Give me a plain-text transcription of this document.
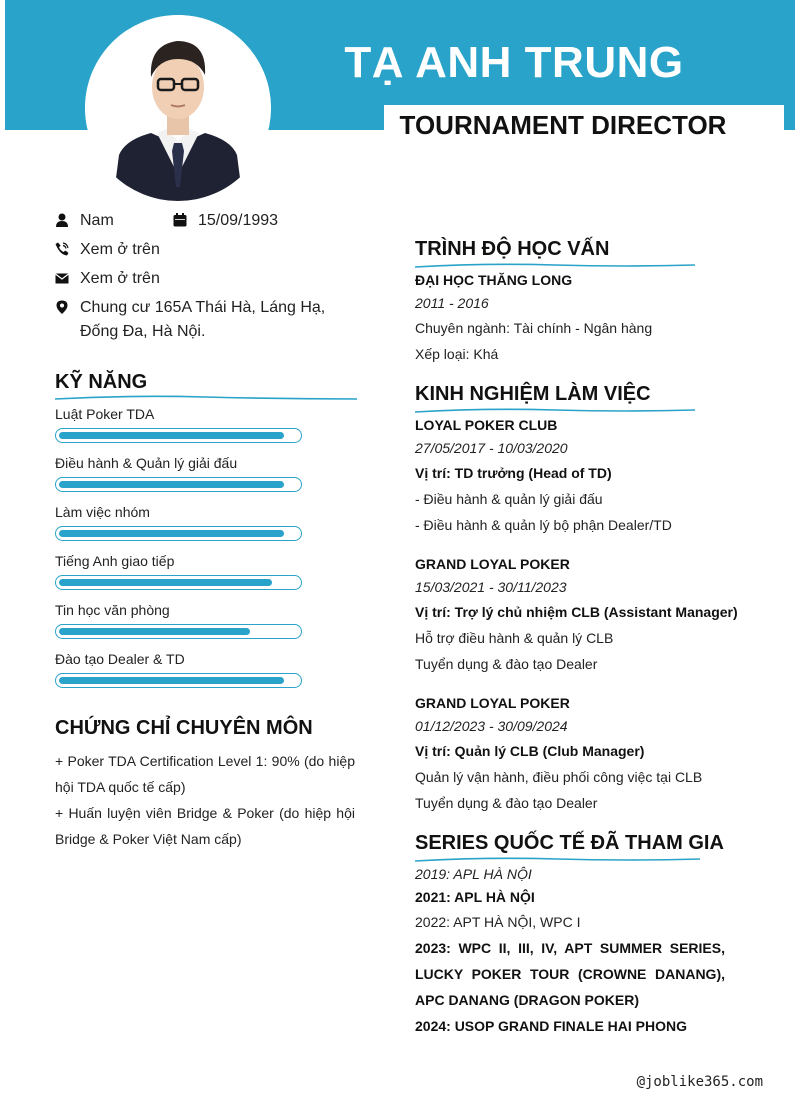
TẠ ANH TRUNG
TOURNAMENT DIRECTOR
Nam	15/09/1993
Xem ở trên
Xem ở trên
Chung cư 165A Thái Hà, Láng Hạ,
Đống Đa, Hà Nội.
KỸ NĂNG
Luật Poker TDA
Điều hành & Quản lý giải đấu
Làm việc nhóm
Tiếng Anh giao tiếp
Tin học văn phòng
Đào tạo Dealer & TD
CHỨNG CHỈ CHUYÊN MÔN
+ Poker TDA Certification Level 1: 90% (do hiệp hội TDA quốc tế cấp)
+ Huấn luyện viên Bridge & Poker (do hiệp hội Bridge & Poker Việt Nam cấp)
TRÌNH ĐỘ HỌC VẤN
ĐẠI HỌC THĂNG LONG
2011 - 2016
Chuyên ngành: Tài chính - Ngân hàng
Xếp loại: Khá
KINH NGHIỆM LÀM VIỆC
LOYAL POKER CLUB
27/05/2017 - 10/03/2020
Vị trí: TD trưởng (Head of TD)
- Điều hành & quản lý giải đấu
- Điều hành & quản lý bộ phận Dealer/TD
GRAND LOYAL POKER
15/03/2021 - 30/11/2023
Vị trí: Trợ lý chủ nhiệm CLB (Assistant Manager)
Hỗ trợ điều hành & quản lý CLB
Tuyển dụng & đào tạo Dealer
GRAND LOYAL POKER
01/12/2023 - 30/09/2024
Vị trí: Quản lý CLB (Club Manager)
Quản lý vận hành, điều phối công việc tại CLB
Tuyển dụng & đào tạo Dealer
SERIES QUỐC TẾ ĐÃ THAM GIA
2019: APL HÀ NỘI
2021: APL HÀ NỘI
2022: APT HÀ NỘI, WPC I
2023: WPC II, III, IV, APT SUMMER SERIES, LUCKY POKER TOUR (CROWNE DANANG), APC DANANG (DRAGON POKER)
2024: USOP GRAND FINALE HAI PHONG
@joblike365.com
